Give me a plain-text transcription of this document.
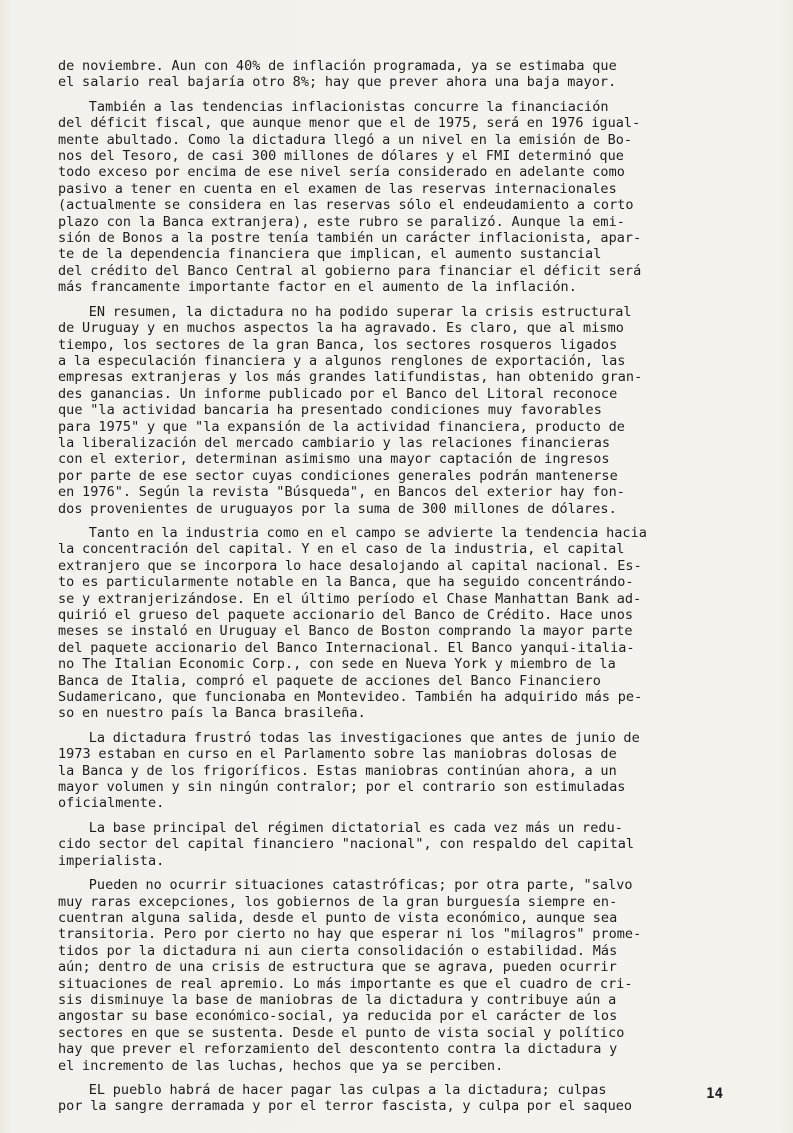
de noviembre. Aun con 40% de inflación programada, ya se estimaba que
el salario real bajaría otro 8%; hay que prever ahora una baja mayor.

También a las tendencias inflacionistas concurre la financiación
del déficit fiscal, que aunque menor que el de 1975, será en 1976 igual-
mente abultado. Como la dictadura llegó a un nivel en la emisión de Bo-
nos del Tesoro, de casi 300 millones de dólares y el FMI determinó que
todo exceso por encima de ese nivel sería considerado en adelante como
pasivo a tener en cuenta en el examen de las reservas internacionales
(actualmente se considera en las reservas sólo el endeudamiento a corto
plazo con la Banca extranjera), este rubro se paralizó. Aunque la emi-
sión de Bonos a la postre tenía también un carácter inflacionista, apar-
te de la dependencia financiera que implican, el aumento sustancial
del crédito del Banco Central al gobierno para financiar el déficit será
más francamente importante factor en el aumento de la inflación.

EN resumen, la dictadura no ha podido superar la crisis estructural
de Uruguay y en muchos aspectos la ha agravado. Es claro, que al mismo
tiempo, los sectores de la gran Banca, los sectores rosqueros ligados
a la especulación financiera y a algunos renglones de exportación, las
empresas extranjeras y los más grandes latifundistas, han obtenido gran-
des ganancias. Un informe publicado por el Banco del Litoral reconoce
que "la actividad bancaria ha presentado condiciones muy favorables
para 1975" y que "la expansión de la actividad financiera, producto de
la liberalización del mercado cambiario y las relaciones financieras
con el exterior, determinan asimismo una mayor captación de ingresos
por parte de ese sector cuyas condiciones generales podrán mantenerse
en 1976". Según la revista "Búsqueda", en Bancos del exterior hay fon-
dos provenientes de uruguayos por la suma de 300 millones de dólares.

Tanto en la industria como en el campo se advierte la tendencia hacia
la concentración del capital. Y en el caso de la industria, el capital
extranjero que se incorpora lo hace desalojando al capital nacional. Es-
to es particularmente notable en la Banca, que ha seguido concentrándo-
se y extranjerizándose. En el último período el Chase Manhattan Bank ad-
quirió el grueso del paquete accionario del Banco de Crédito. Hace unos
meses se instaló en Uruguay el Banco de Boston comprando la mayor parte
del paquete accionario del Banco Internacional. El Banco yanqui-italia-
no The Italian Economic Corp., con sede en Nueva York y miembro de la
Banca de Italia, compró el paquete de acciones del Banco Financiero
Sudamericano, que funcionaba en Montevideo. También ha adquirido más pe-
so en nuestro país la Banca brasileña.

La dictadura frustró todas las investigaciones que antes de junio de
1973 estaban en curso en el Parlamento sobre las maniobras dolosas de
la Banca y de los frigoríficos. Estas maniobras continúan ahora, a un
mayor volumen y sin ningún contralor; por el contrario son estimuladas
oficialmente.

La base principal del régimen dictatorial es cada vez más un redu-
cido sector del capital financiero "nacional", con respaldo del capital
imperialista.

Pueden no ocurrir situaciones catastróficas; por otra parte, "salvo
muy raras excepciones, los gobiernos de la gran burguesía siempre en-
cuentran alguna salida, desde el punto de vista económico, aunque sea
transitoria. Pero por cierto no hay que esperar ni los "milagros" prome-
tidos por la dictadura ni aun cierta consolidación o estabilidad. Más
aún; dentro de una crisis de estructura que se agrava, pueden ocurrir
situaciones de real apremio. Lo más importante es que el cuadro de cri-
sis disminuye la base de maniobras de la dictadura y contribuye aún a
angostar su base económico-social, ya reducida por el carácter de los
sectores en que se sustenta. Desde el punto de vista social y político
hay que prever el reforzamiento del descontento contra la dictadura y
el incremento de las luchas, hechos que ya se perciben.

EL pueblo habrá de hacer pagar las culpas a la dictadura; culpas
por la sangre derramada y por el terror fascista, y culpa por el saqueo

14
